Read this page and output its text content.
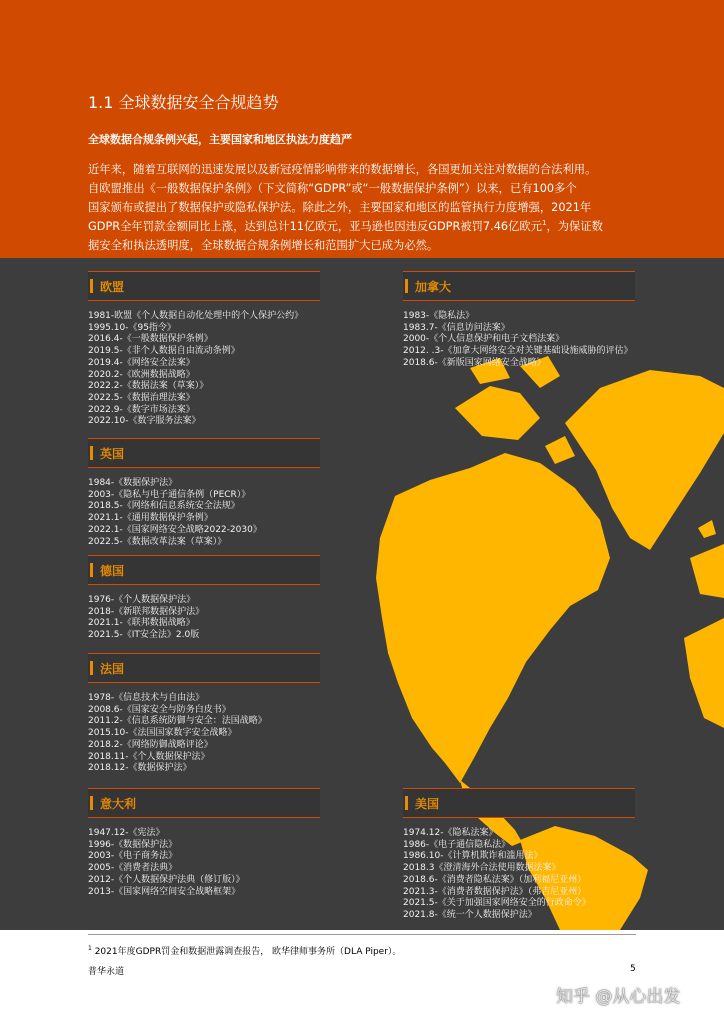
1.1 全球数据安全合规趋势
全球数据合规条例兴起，主要国家和地区执法力度趋严
近年来，随着互联网的迅速发展以及新冠疫情影响带来的数据增长，各国更加关注对数据的合法利用。
自欧盟推出《一般数据保护条例》（下文简称“GDPR”或“一般数据保护条例”）以来，已有100多个
国家颁布或提出了数据保护或隐私保护法。除此之外，主要国家和地区的监管执行力度增强，2021年
GDPR全年罚款金额同比上涨，达到总计11亿欧元，亚马逊也因违反GDPR被罚7.46亿欧元$^1$，为保证数
据安全和执法透明度，全球数据合规条例增长和范围扩大已成为必然。
欧盟
1981-欧盟《个人数据自动化处理中的个人保护公约》
1995.10-《95指令》
2016.4-《一般数据保护条例》
2019.5-《非个人数据自由流动条例》
2019.4-《网络安全法案》
2020.2-《欧洲数据战略》
2022.2-《数据法案（草案）》
2022.5-《数据治理法案》
2022.9-《数字市场法案》
2022.10-《数字服务法案》
英国
1984-《数据保护法》
2003-《隐私与电子通信条例（PECR）》
2018.5-《网络和信息系统安全法规》
2021.1-《通用数据保护条例》
2022.1-《国家网络安全战略2022-2030》
2022.5-《数据改革法案（草案）》
德国
1976-《个人数据保护法》
2018-《新联邦数据保护法》
2021.1-《联邦数据战略》
2021.5-《IT安全法》2.0版
法国
1978-《信息技术与自由法》
2008.6-《国家安全与防务白皮书》
2011.2-《信息系统防御与安全：法国战略》
2015.10-《法国国家数字安全战略》
2018.2-《网络防御战略评论》
2018.11-《个人数据保护法》
2018.12-《数据保护法》
意大利
1947.12-《宪法》
1996-《数据保护法》
2003-《电子商务法》
2005-《消费者法典》
2012-《个人数据保护法典（修订版）》
2013-《国家网络空间安全战略框架》
加拿大
1983-《隐私法》
1983.7-《信息访问法案》
2000-《个人信息保护和电子文档法案》
2012. .3-《加拿大网络安全对关键基础设施威胁的评估》
2018.6-《新版国家网络安全战略》
美国
1974.12-《隐私法案》
1986-《电子通信隐私法》
1986.10-《计算机欺诈和滥用法》
2018.3《澄清海外合法使用数据法案》
2018.6-《消费者隐私法案》（加利福尼亚州）
2021.3-《消费者数据保护法》（弗吉尼亚州）
2021.5-《关于加强国家网络安全的行政命令》
2021.8-《统一个人数据保护法》
$^1$ 2021年度GDPR罚金和数据泄露调查报告， 欧华律师事务所（DLA Piper）。
普华永道	5
知乎 @从心出发
